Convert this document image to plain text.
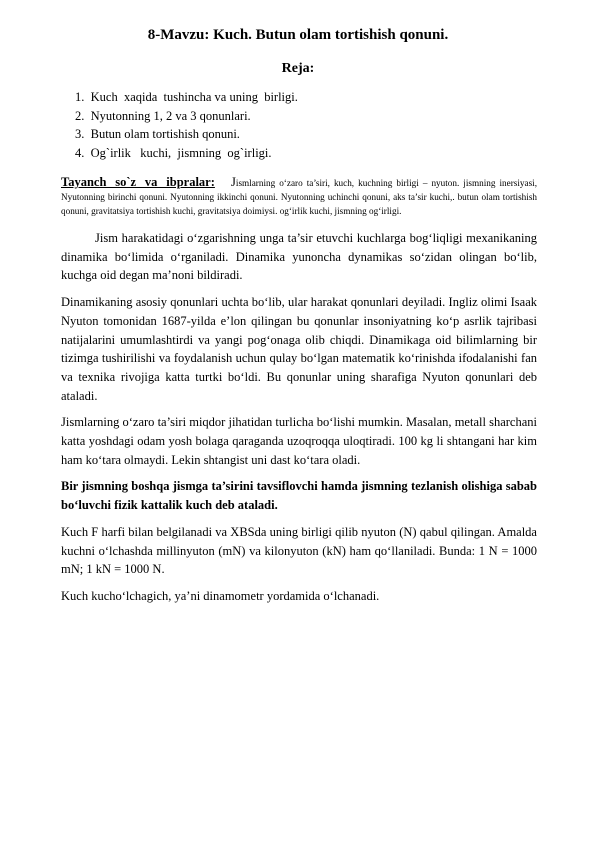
8-Mavzu: Kuch. Butun olam tortishish qonuni.
Reja:
1.  Kuch  xaqida  tushincha va uning  birligi.
2.  Nyutonning 1, 2 va 3 qonunlari.
3.  Butun olam tortishish qonuni.
4.  Og`irlik   kuchi,  jismning  og`irligi.

Tayanch so`z va ibpralar: Jismlarning o‘zaro ta’siri, kuch, kuchning birligi – nyuton. jismning inersiyasi, Nyutonning birinchi qonuni. Nyutonning ikkinchi qonuni. Nyutonning uchinchi qonuni, aks ta’sir kuchi,. butun olam tortishish qonuni, gravitatsiya tortishish kuchi, gravitatsiya doimiysi. og‘irlik kuchi, jismning og‘irligi.

Jism harakatidagi o‘zgarishning unga ta’sir etuvchi kuchlarga bog‘liqligi mexanikaning dinamika bo‘limida o‘rganiladi. Dinamika yunoncha dynamikas so‘zidan olingan bo‘lib, kuchga oid degan ma’noni bildiradi.

Dinamikaning asosiy qonunlari uchta bo‘lib, ular harakat qonunlari deyiladi. Ingliz olimi Isaak Nyuton tomonidan 1687-yilda e’lon qilingan bu qonunlar insoniyatning ko‘p asrlik tajribasi natijalarini umumlashtirdi va yangi pog‘onaga olib chiqdi. Dinamikaga oid bilimlarning bir tizimga tushirilishi va foydalanish uchun qulay bo‘lgan matematik ko‘rinishda ifodalanishi fan va texnika rivojiga katta turtki bo‘ldi. Bu qonunlar uning sharafiga Nyuton qonunlari deb ataladi.

Jismlarning o‘zaro ta’siri miqdor jihatidan turlicha bo‘lishi mumkin. Masalan, metall sharchani katta yoshdagi odam yosh bolaga qaraganda uzoqroqqa uloqtiradi. 100 kg li shtangani har kim ham ko‘tara olmaydi. Lekin shtangist uni dast ko‘tara oladi.

Bir jismning boshqa jismga ta’sirini tavsiflovchi hamda jismning tezlanish olishiga sabab bo‘luvchi fizik kattalik kuch deb ataladi.

Kuch F harfi bilan belgilanadi va XBSda uning birligi qilib nyuton (N) qabul qilingan. Amalda kuchni o‘lchashda millinyuton (mN) va kilonyuton (kN) ham qo‘llaniladi. Bunda: 1 N = 1000 mN; 1 kN = 1000 N.

Kuch kucho‘lchagich, ya’ni dinamometr yordamida o‘lchanadi.
